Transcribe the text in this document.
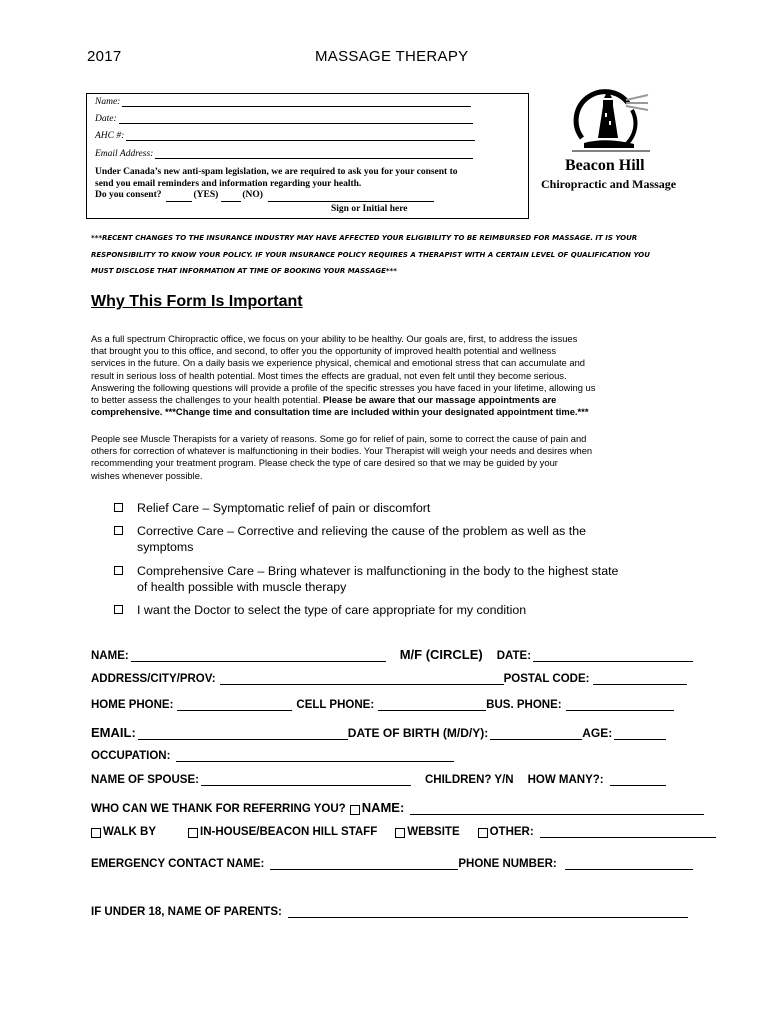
2017	MASSAGE THERAPY
Name:
Date:
AHC #:
Email Address:
Under Canada’s new anti-spam legislation, we are required to ask you for your consent to
send you email reminders and information regarding your health.
Do you consent?	(YES)	(NO)
Sign or Initial here
Beacon Hill
Chiropractic and Massage
***RECENT CHANGES TO THE INSURANCE INDUSTRY MAY HAVE AFFECTED YOUR ELIGIBILITY TO BE REIMBURSED FOR MASSAGE. IT IS YOUR
RESPONSIBILITY TO KNOW YOUR POLICY. IF YOUR INSURANCE POLICY REQUIRES A THERAPIST WITH A CERTAIN LEVEL OF QUALIFICATION YOU
MUST DISCLOSE THAT INFORMATION AT TIME OF BOOKING YOUR MASSAGE***
Why This Form Is Important
As a full spectrum Chiropractic office, we focus on your ability to be healthy. Our goals are, first, to address the issues
that brought you to this office, and second, to offer you the opportunity of improved health potential and wellness
services in the future. On a daily basis we experience physical, chemical and emotional stress that can accumulate and
result in serious loss of health potential. Most times the effects are gradual, not even felt until they become serious.
Answering the following questions will provide a profile of the specific stresses you have faced in your lifetime, allowing us
to better assess the challenges to your health potential. Please be aware that our massage appointments are
comprehensive. ***Change time and consultation time are included within your designated appointment time.***
People see Muscle Therapists for a variety of reasons. Some go for relief of pain, some to correct the cause of pain and
others for correction of whatever is malfunctioning in their bodies. Your Therapist will weigh your needs and desires when
recommending your treatment program. Please check the type of care desired so that we may be guided by your
wishes whenever possible.
Relief Care – Symptomatic relief of pain or discomfort
Corrective Care – Corrective and relieving the cause of the problem as well as the
symptoms
Comprehensive Care – Bring whatever is malfunctioning in the body to the highest state
of health possible with muscle therapy
I want the Doctor to select the type of care appropriate for my condition
NAME:	M/F (CIRCLE) DATE:
ADDRESS/CITY/PROV:	POSTAL CODE:
HOME PHONE:	CELL PHONE:	BUS. PHONE:
EMAIL:	DATE OF BIRTH (M/D/Y):	AGE:
OCCUPATION:
NAME OF SPOUSE:	CHILDREN? Y/N HOW MANY?:
WHO CAN WE THANK FOR REFERRING YOU? NAME:
WALK BY	IN-HOUSE/BEACON HILL STAFF	WEBSITE	OTHER:
EMERGENCY CONTACT NAME:	PHONE NUMBER:
IF UNDER 18, NAME OF PARENTS:
